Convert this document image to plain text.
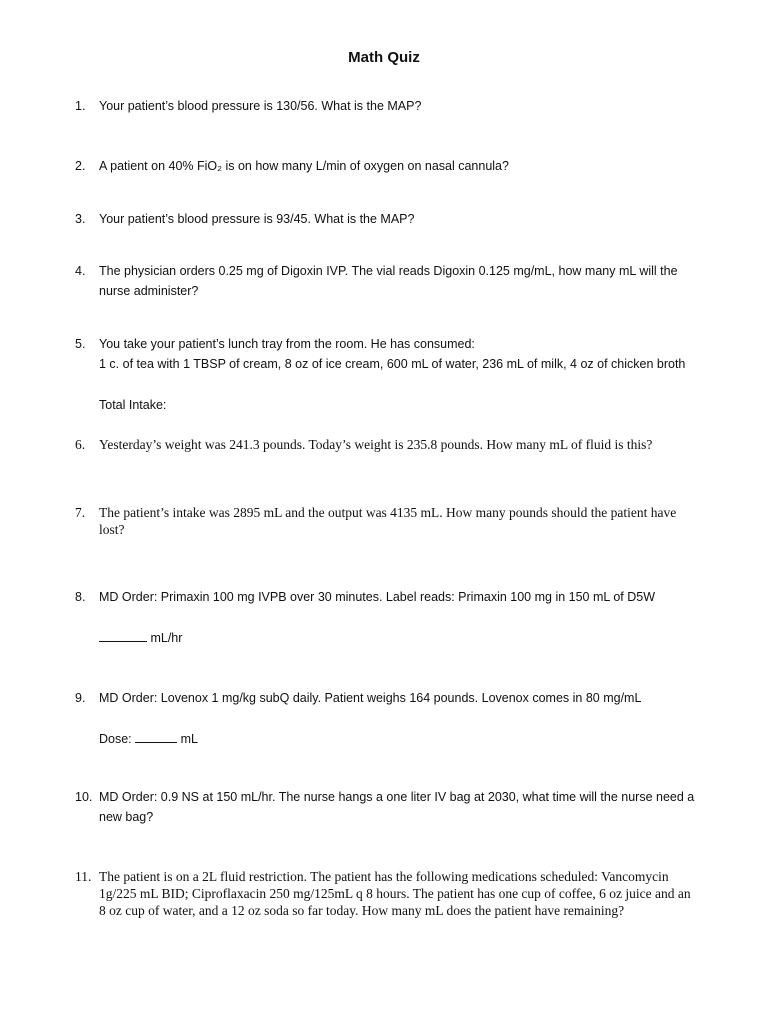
Math Quiz
1. Your patient’s blood pressure is 130/56. What is the MAP?
2. A patient on 40% FiO₂ is on how many L/min of oxygen on nasal cannula?
3. Your patient’s blood pressure is 93/45. What is the MAP?
4. The physician orders 0.25 mg of Digoxin IVP. The vial reads Digoxin 0.125 mg/mL, how many mL will the
nurse administer?
5. You take your patient’s lunch tray from the room. He has consumed:
1 c. of tea with 1 TBSP of cream, 8 oz of ice cream, 600 mL of water, 236 mL of milk, 4 oz of chicken broth
Total Intake:
6. Yesterday’s weight was 241.3 pounds. Today’s weight is 235.8 pounds. How many mL of fluid is this?
7. The patient’s intake was 2895 mL and the output was 4135 mL. How many pounds should the patient have
lost?
8. MD Order: Primaxin 100 mg IVPB over 30 minutes. Label reads: Primaxin 100 mg in 150 mL of D5W
mL/hr
9. MD Order: Lovenox 1 mg/kg subQ daily. Patient weighs 164 pounds. Lovenox comes in 80 mg/mL
Dose:	mL
10. MD Order: 0.9 NS at 150 mL/hr. The nurse hangs a one liter IV bag at 2030, what time will the nurse need a
new bag?
11. The patient is on a 2L fluid restriction. The patient has the following medications scheduled: Vancomycin
1g/225 mL BID; Ciproflaxacin 250 mg/125mL q 8 hours. The patient has one cup of coffee, 6 oz juice and an
8 oz cup of water, and a 12 oz soda so far today. How many mL does the patient have remaining?
